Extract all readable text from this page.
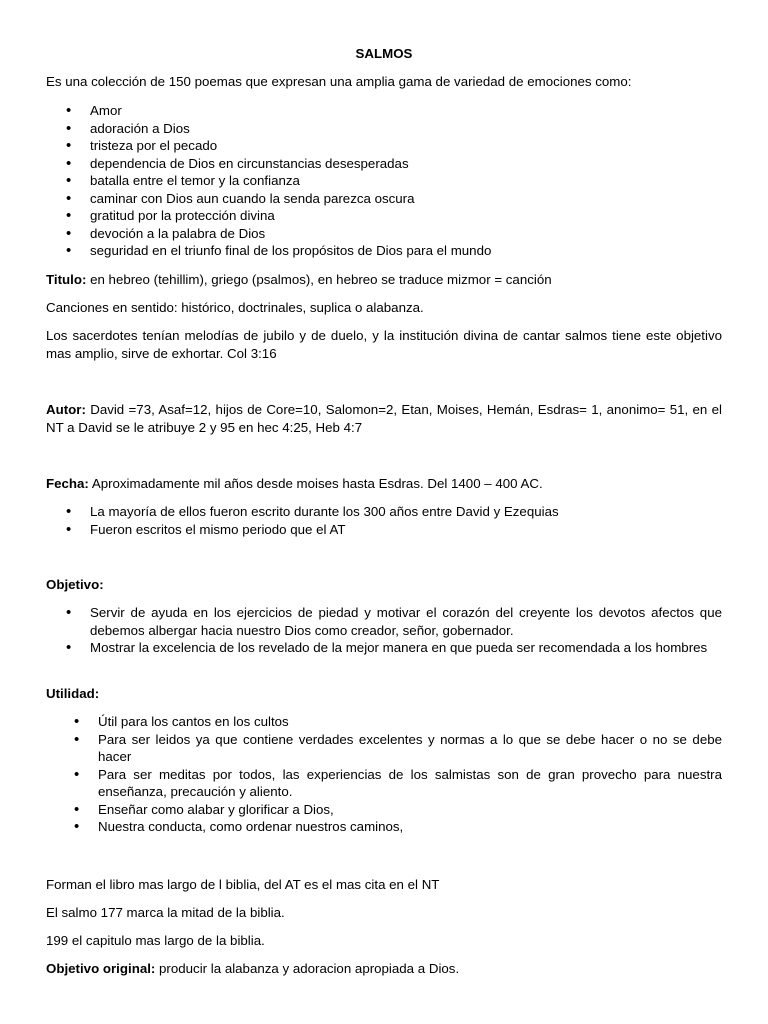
SALMOS

Es una colección de 150 poemas que expresan una amplia gama de variedad de emociones como:

• Amor
• adoración a Dios
• tristeza por el pecado
• dependencia de Dios en circunstancias desesperadas
• batalla entre el temor y la confianza
• caminar con Dios aun cuando la senda parezca oscura
• gratitud por la protección divina
• devoción a la palabra de Dios
• seguridad en el triunfo final de los propósitos de Dios para el mundo

Titulo: en hebreo (tehillim), griego (psalmos), en hebreo se traduce mizmor = canción

Canciones en sentido: histórico, doctrinales, suplica o alabanza.

Los sacerdotes tenían melodías de jubilo y de duelo, y la institución divina de cantar salmos tiene este objetivo mas amplio, sirve de exhortar. Col 3:16

Autor: David =73, Asaf=12, hijos de Core=10, Salomon=2, Etan, Moises, Hemán, Esdras= 1, anonimo= 51, en el NT a David se le atribuye 2 y 95 en hec 4:25, Heb 4:7

Fecha: Aproximadamente mil años desde moises hasta Esdras. Del 1400 – 400 AC.

• La mayoría de ellos fueron escrito durante los 300 años entre David y Ezequias
• Fueron escritos el mismo periodo que el AT

Objetivo:

• Servir de ayuda en los ejercicios de piedad y motivar el corazón del creyente los devotos afectos que debemos albergar hacia nuestro Dios como creador, señor, gobernador.
• Mostrar la excelencia de los revelado de la mejor manera en que pueda ser recomendada a los hombres

Utilidad:

• Útil para los cantos en los cultos
• Para ser leidos ya que contiene verdades excelentes y normas a lo que se debe hacer o no se debe hacer
• Para ser meditas por todos, las experiencias de los salmistas son de gran provecho para nuestra enseñanza, precaución y aliento.
• Enseñar como alabar y glorificar a Dios,
• Nuestra conducta, como ordenar nuestros caminos,

Forman el libro mas largo de l biblia, del AT es el mas cita en el NT

El salmo 177 marca la mitad de la biblia.

199 el capitulo mas largo de la biblia.

Objetivo original: producir la alabanza y adoracion apropiada a Dios.
